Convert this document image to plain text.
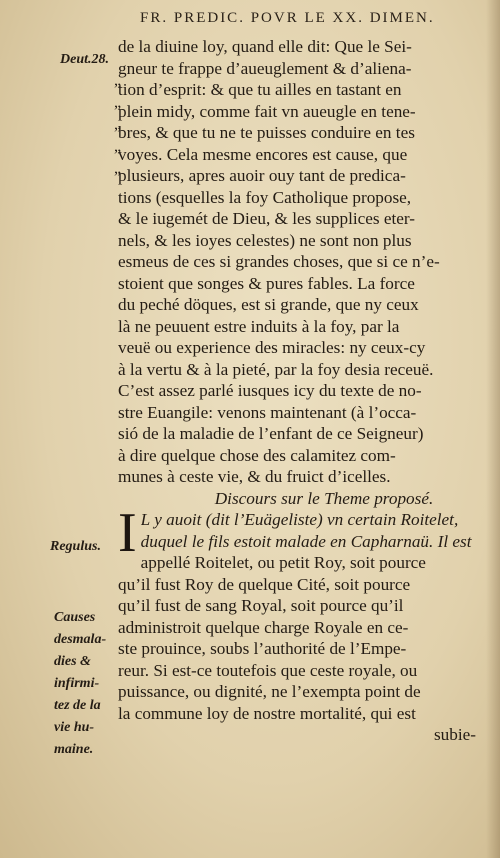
FR. PREDIC. POVR LE XX. DIMEN.
Deut.28.
„
„
„
„
„
Regulus.
Causes
desmala-
dies &
infirmi-
tez de la
vie hu-
maine.
de la diuine loy, quand elle dit: Que le Sei-
gneur te frappe d’aueuglement & d’aliena-
tion d’esprit: & que tu ailles en tastant en
plein midy, comme fait vn aueugle en tene-
bres, & que tu ne te puisses conduire en tes
voyes. Cela mesme encores est cause, que
plusieurs, apres auoir ouy tant de predica-
tions (esquelles la foy Catholique propose,
& le iugemét de Dieu, & les supplices eter-
nels, & les ioyes celestes) ne sont non plus
esmeus de ces si grandes choses, que si ce n’e-
stoient que songes & pures fables. La force
du peché döques, est si grande, que ny ceux
là ne peuuent estre induits à la foy, par la
veuë ou experience des miracles: ny ceux-cy
à la vertu & à la pieté, par la foy desia receuë.
C’est assez parlé iusques icy du texte de no-
stre Euangile: venons maintenant (à l’occa-
sió de la maladie de l’enfant de ce Seigneur)
à dire quelque chose des calamitez com-
munes à ceste vie, & du fruict d’icelles.
Discours sur le Theme proposé.
I L y auoit (dit l’Euägeliste) vn certain Roitelet,
duquel le fils estoit malade en Capharnaü. Il est
appellé Roitelet, ou petit Roy, soit pource
qu’il fust Roy de quelque Cité, soit pource
qu’il fust de sang Royal, soit pource qu’il
administroit quelque charge Royale en ce-
ste prouince, soubs l’authorité de l’Empe-
reur. Si est-ce toutefois que ceste royale, ou
puissance, ou dignité, ne l’exempta point de
la commune loy de nostre mortalité, qui est
subie-
